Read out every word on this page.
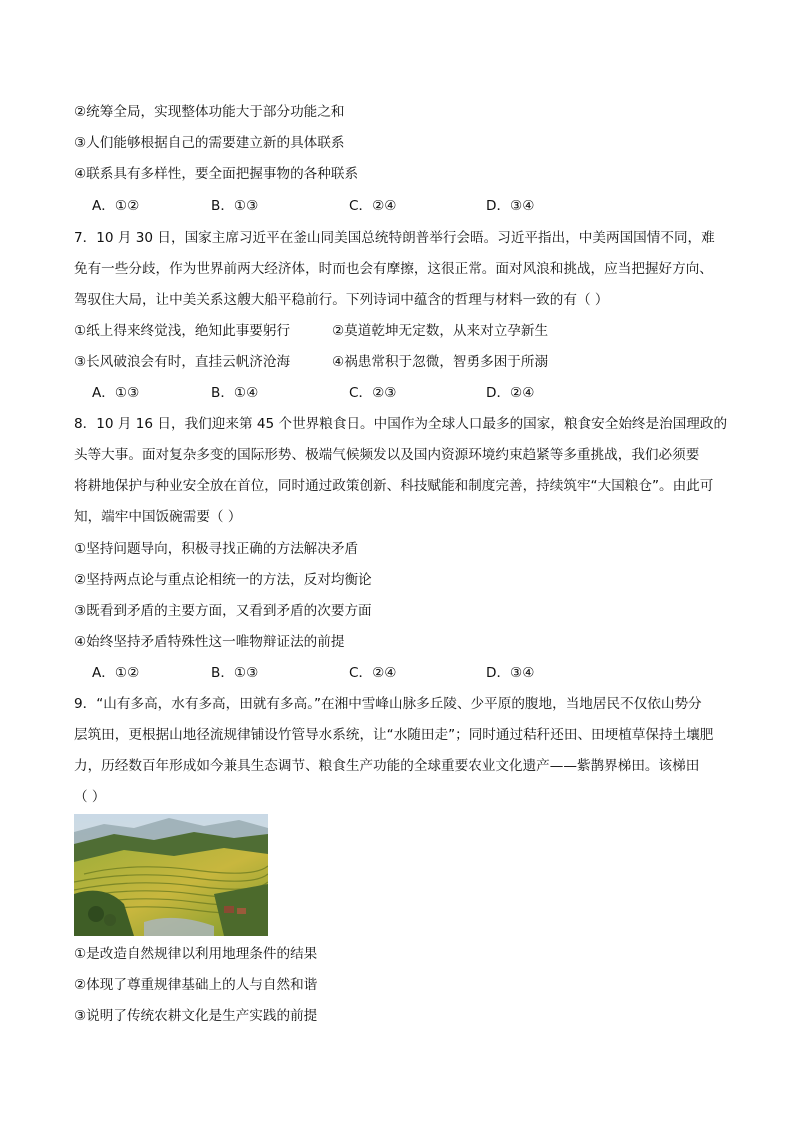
②统筹全局，实现整体功能大于部分功能之和
③人们能够根据自己的需要建立新的具体联系
④联系具有多样性，要全面把握事物的各种联系
A．①②	B．①③	C．②④	D．③④
7．10 月 30 日，国家主席习近平在釜山同美国总统特朗普举行会晤。习近平指出，中美两国国情不同，难
免有一些分歧，作为世界前两大经济体，时而也会有摩擦，这很正常。面对风浪和挑战，应当把握好方向、
驾驭住大局，让中美关系这艘大船平稳前行。下列诗词中蕴含的哲理与材料一致的有（ ）
①纸上得来终觉浅，绝知此事要躬行	②莫道乾坤无定数，从来对立孕新生
③长风破浪会有时，直挂云帆济沧海	④祸患常积于忽微，智勇多困于所溺
A．①③	B．①④	C．②③	D．②④
8．10 月 16 日，我们迎来第 45 个世界粮食日。中国作为全球人口最多的国家，粮食安全始终是治国理政的
头等大事。面对复杂多变的国际形势、极端气候频发以及国内资源环境约束趋紧等多重挑战，我们必须要
将耕地保护与种业安全放在首位，同时通过政策创新、科技赋能和制度完善，持续筑牢“大国粮仓”。由此可
知，端牢中国饭碗需要（ ）
①坚持问题导向，积极寻找正确的方法解决矛盾
②坚持两点论与重点论相统一的方法，反对均衡论
③既看到矛盾的主要方面，又看到矛盾的次要方面
④始终坚持矛盾特殊性这一唯物辩证法的前提
A．①②	B．①③	C．②④	D．③④
9．“山有多高，水有多高，田就有多高。”在湘中雪峰山脉多丘陵、少平原的腹地，当地居民不仅依山势分
层筑田，更根据山地径流规律铺设竹管导水系统，让“水随田走”；同时通过秸秆还田、田埂植草保持土壤肥
力，历经数百年形成如今兼具生态调节、粮食生产功能的全球重要农业文化遗产——紫鹊界梯田。该梯田
（ ）
①是改造自然规律以利用地理条件的结果
②体现了尊重规律基础上的人与自然和谐
③说明了传统农耕文化是生产实践的前提
